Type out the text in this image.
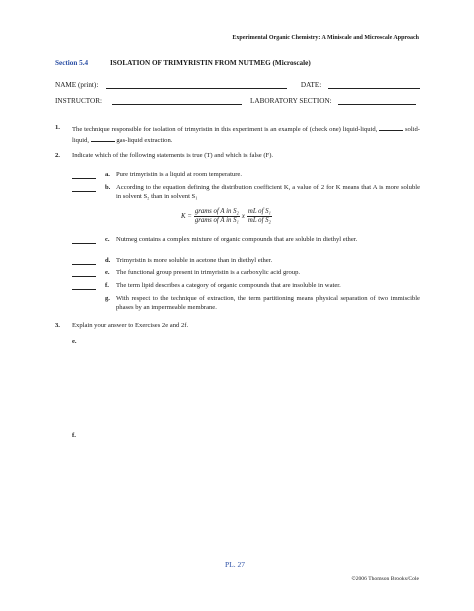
Experimental Organic Chemistry: A Miniscale and Microscale Approach
Section 5.4	ISOLATION OF TRIMYRISTIN FROM NUTMEG (Microscale)
NAME (print):	DATE:
INSTRUCTOR:	LABORATORY SECTION:
1. The technique responsible for isolation of trimyristin in this experiment is an example of (check one) liquid-liquid,	solid-liquid,	gas-liquid extraction.
2. Indicate which of the following statements is true (T) and which is false (F).
a. Pure trimyristin is a liquid at room temperature.
b. According to the equation defining the distribution coefficient K, a value of 2 for K means that A is more soluble in solvent S₂ than in solvent S₁
$K = \frac{\text{grams of A in S₂}}{\text{grams of A in S₁}}$ x $\frac{\text{mL of S₁}}{\text{mL of S₂}}$
c. Nutmeg contains a complex mixture of organic compounds that are soluble in diethyl ether.
d. Trimyristin is more soluble in acetone than in diethyl ether.
e. The functional group present in trimyristin is a carboxylic acid group.
f. The term lipid describes a category of organic compounds that are insoluble in water.
g. With respect to the technique of extraction, the term partitioning means physical separation of two immiscible phases by an impermeable membrane.
3. Explain your answer to Exercises 2e and 2f.
e.
f.
PL. 27
©2006 Thomson Brooks/Cole
